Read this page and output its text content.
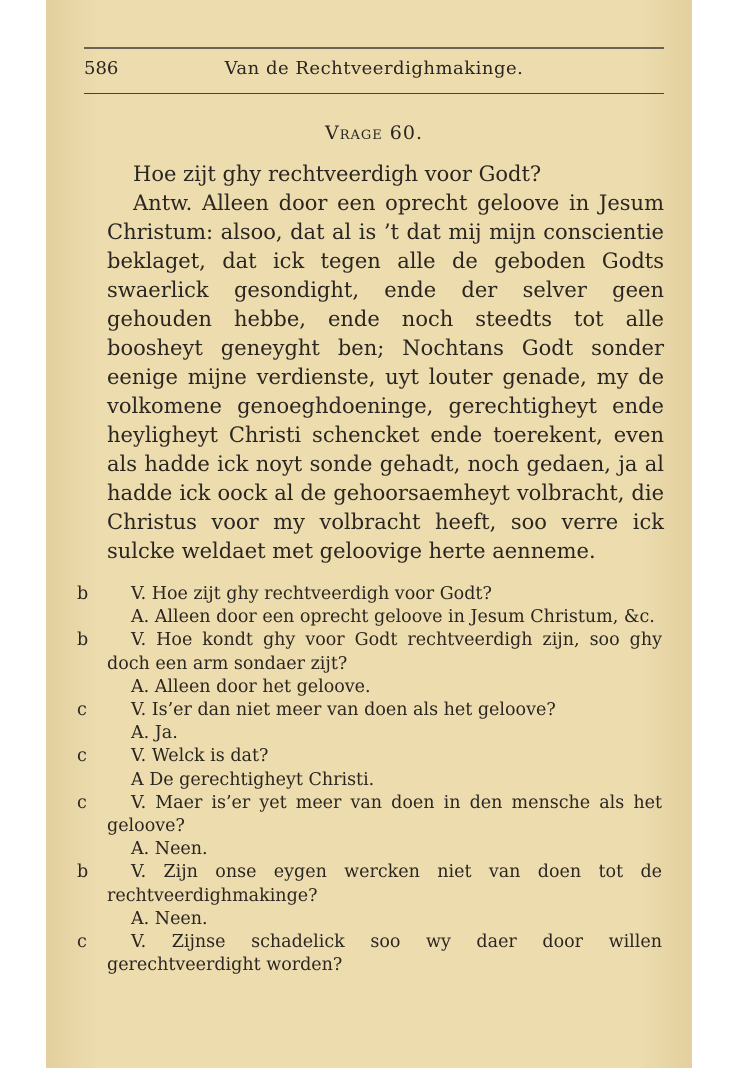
586	Van de Rechtveerdighmakinge.
Vrage 60.

Hoe zijt ghy rechtveerdigh voor Godt?

Antw. Alleen door een oprecht geloove in Jesum Christum: alsoo, dat al is ’t dat mij mijn conscientie beklaget, dat ick tegen alle de geboden Godts swaerlick gesondight, ende der selver geen gehouden hebbe, ende noch steedts tot alle boosheyt geneyght ben; Nochtans Godt sonder eenige mijne verdienste, uyt louter genade, my de volkomene genoeghdoeninge, gerechtigheyt ende heyligheyt Christi schencket ende toerekent, even als hadde ick noyt sonde gehadt, noch gedaen, ja al hadde ick oock al de gehoorsaemheyt volbracht, die Christus voor my volbracht heeft, soo verre ick sulcke weldaet met geloovige herte aenneme.

b V. Hoe zijt ghy rechtveerdigh voor Godt?
A. Alleen door een oprecht geloove in Jesum Christum, &c.
b V. Hoe kondt ghy voor Godt rechtveerdigh zijn, soo ghy doch een arm sondaer zijt?
A. Alleen door het geloove.
c	V. Is’er dan niet meer van doen als het geloove?
A. Ja.
c	V. Welck is dat?
A De gerechtigheyt Christi.
c	V. Maer is’er yet meer van doen in den mensche als het geloove?
A. Neen.
b V. Zijn onse eygen wercken niet van doen tot de rechtveerdighmakinge?
A. Neen.
c	V. Zijnse schadelick soo wy daer door willen gerechtveerdight worden?
